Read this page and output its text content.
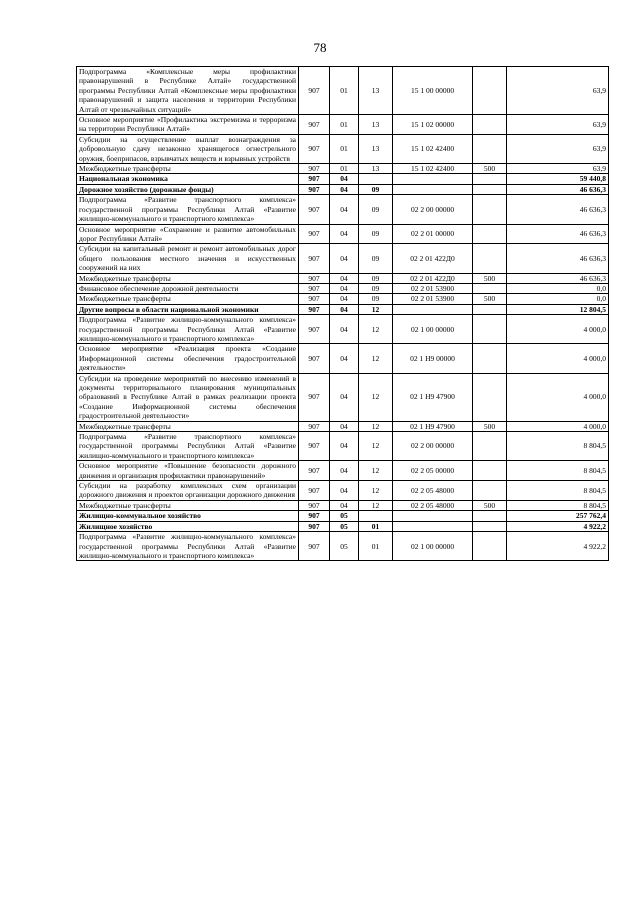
78
Подпрограмма «Комплексные меры профилактики правонарушений в Республике Алтай» государственной программы Республики Алтай «Комплексные меры профилактики правонарушений и защита населения и территории Республики Алтай от чрезвычайных ситуаций»	907	01	13	15 1 00 00000		63,9
Основное мероприятие «Профилактика экстремизма и терроризма на территории Республики Алтай»	907	01	13	15 1 02 00000		63,9
Субсидии на осуществление выплат вознаграждения за добровольную сдачу незаконно хранящегося огнестрельного оружия, боеприпасов, взрывчатых веществ и взрывных устройств	907	01	13	15 1 02 42400		63,9
Межбюджетные трансферты	907	01	13	15 1 02 42400	500	63,9
Национальная экономика	907	04				59 440,8
Дорожное хозяйство (дорожные фонды)	907	04	09			46 636,3
Подпрограмма «Развитие транспортного комплекса» государственной программы Республики Алтай «Развитие жилищно-коммунального и транспортного комплекса»	907	04	09	02 2 00 00000		46 636,3
Основное мероприятие «Сохранение и развитие автомобильных дорог Республики Алтай»	907	04	09	02 2 01 00000		46 636,3
Субсидии на капитальный ремонт и ремонт автомобильных дорог общего пользования местного значения и искусственных сооружений на них	907	04	09	02 2 01 422Д0		46 636,3
Межбюджетные трансферты	907	04	09	02 2 01 422Д0	500	46 636,3
Финансовое обеспечение дорожной деятельности	907	04	09	02 2 01 53900		0,0
Межбюджетные трансферты	907	04	09	02 2 01 53900	500	0,0
Другие вопросы в области национальной экономики	907	04	12			12 804,5
Подпрограмма «Развитие жилищно-коммунального комплекса» государственной программы Республики Алтай «Развитие жилищно-коммунального и транспортного комплекса»	907	04	12	02 1 00 00000		4 000,0
Основное мероприятие «Реализация проекта «Создание Информационной системы обеспечения градостроительной деятельности»	907	04	12	02 1 Н9 00000		4 000,0
Субсидии на проведение мероприятий по внесению изменений в документы территориального планирования муниципальных образований в Республике Алтай в рамках реализации проекта «Создание Информационной системы обеспечения градостроительной деятельности»	907	04	12	02 1 Н9 47900		4 000,0
Межбюджетные трансферты	907	04	12	02 1 Н9 47900	500	4 000,0
Подпрограмма «Развитие транспортного комплекса» государственной программы Республики Алтай «Развитие жилищно-коммунального и транспортного комплекса»	907	04	12	02 2 00 00000		8 804,5
Основное мероприятие «Повышение безопасности дорожного движения и организация профилактики правонарушений»	907	04	12	02 2 05 00000		8 804,5
Субсидии на разработку комплексных схем организации дорожного движения и проектов организации дорожного движения	907	04	12	02 2 05 48000		8 804,5
Межбюджетные трансферты	907	04	12	02 2 05 48000	500	8 804,5
Жилищно-коммунальное хозяйство	907	05				257 762,4
Жилищное хозяйство	907	05	01			4 922,2
Подпрограмма «Развитие жилищно-коммунального комплекса» государственной программы Республики Алтай «Развитие жилищно-коммунального и транспортного комплекса»	907	05	01	02 1 00 00000		4 922,2
